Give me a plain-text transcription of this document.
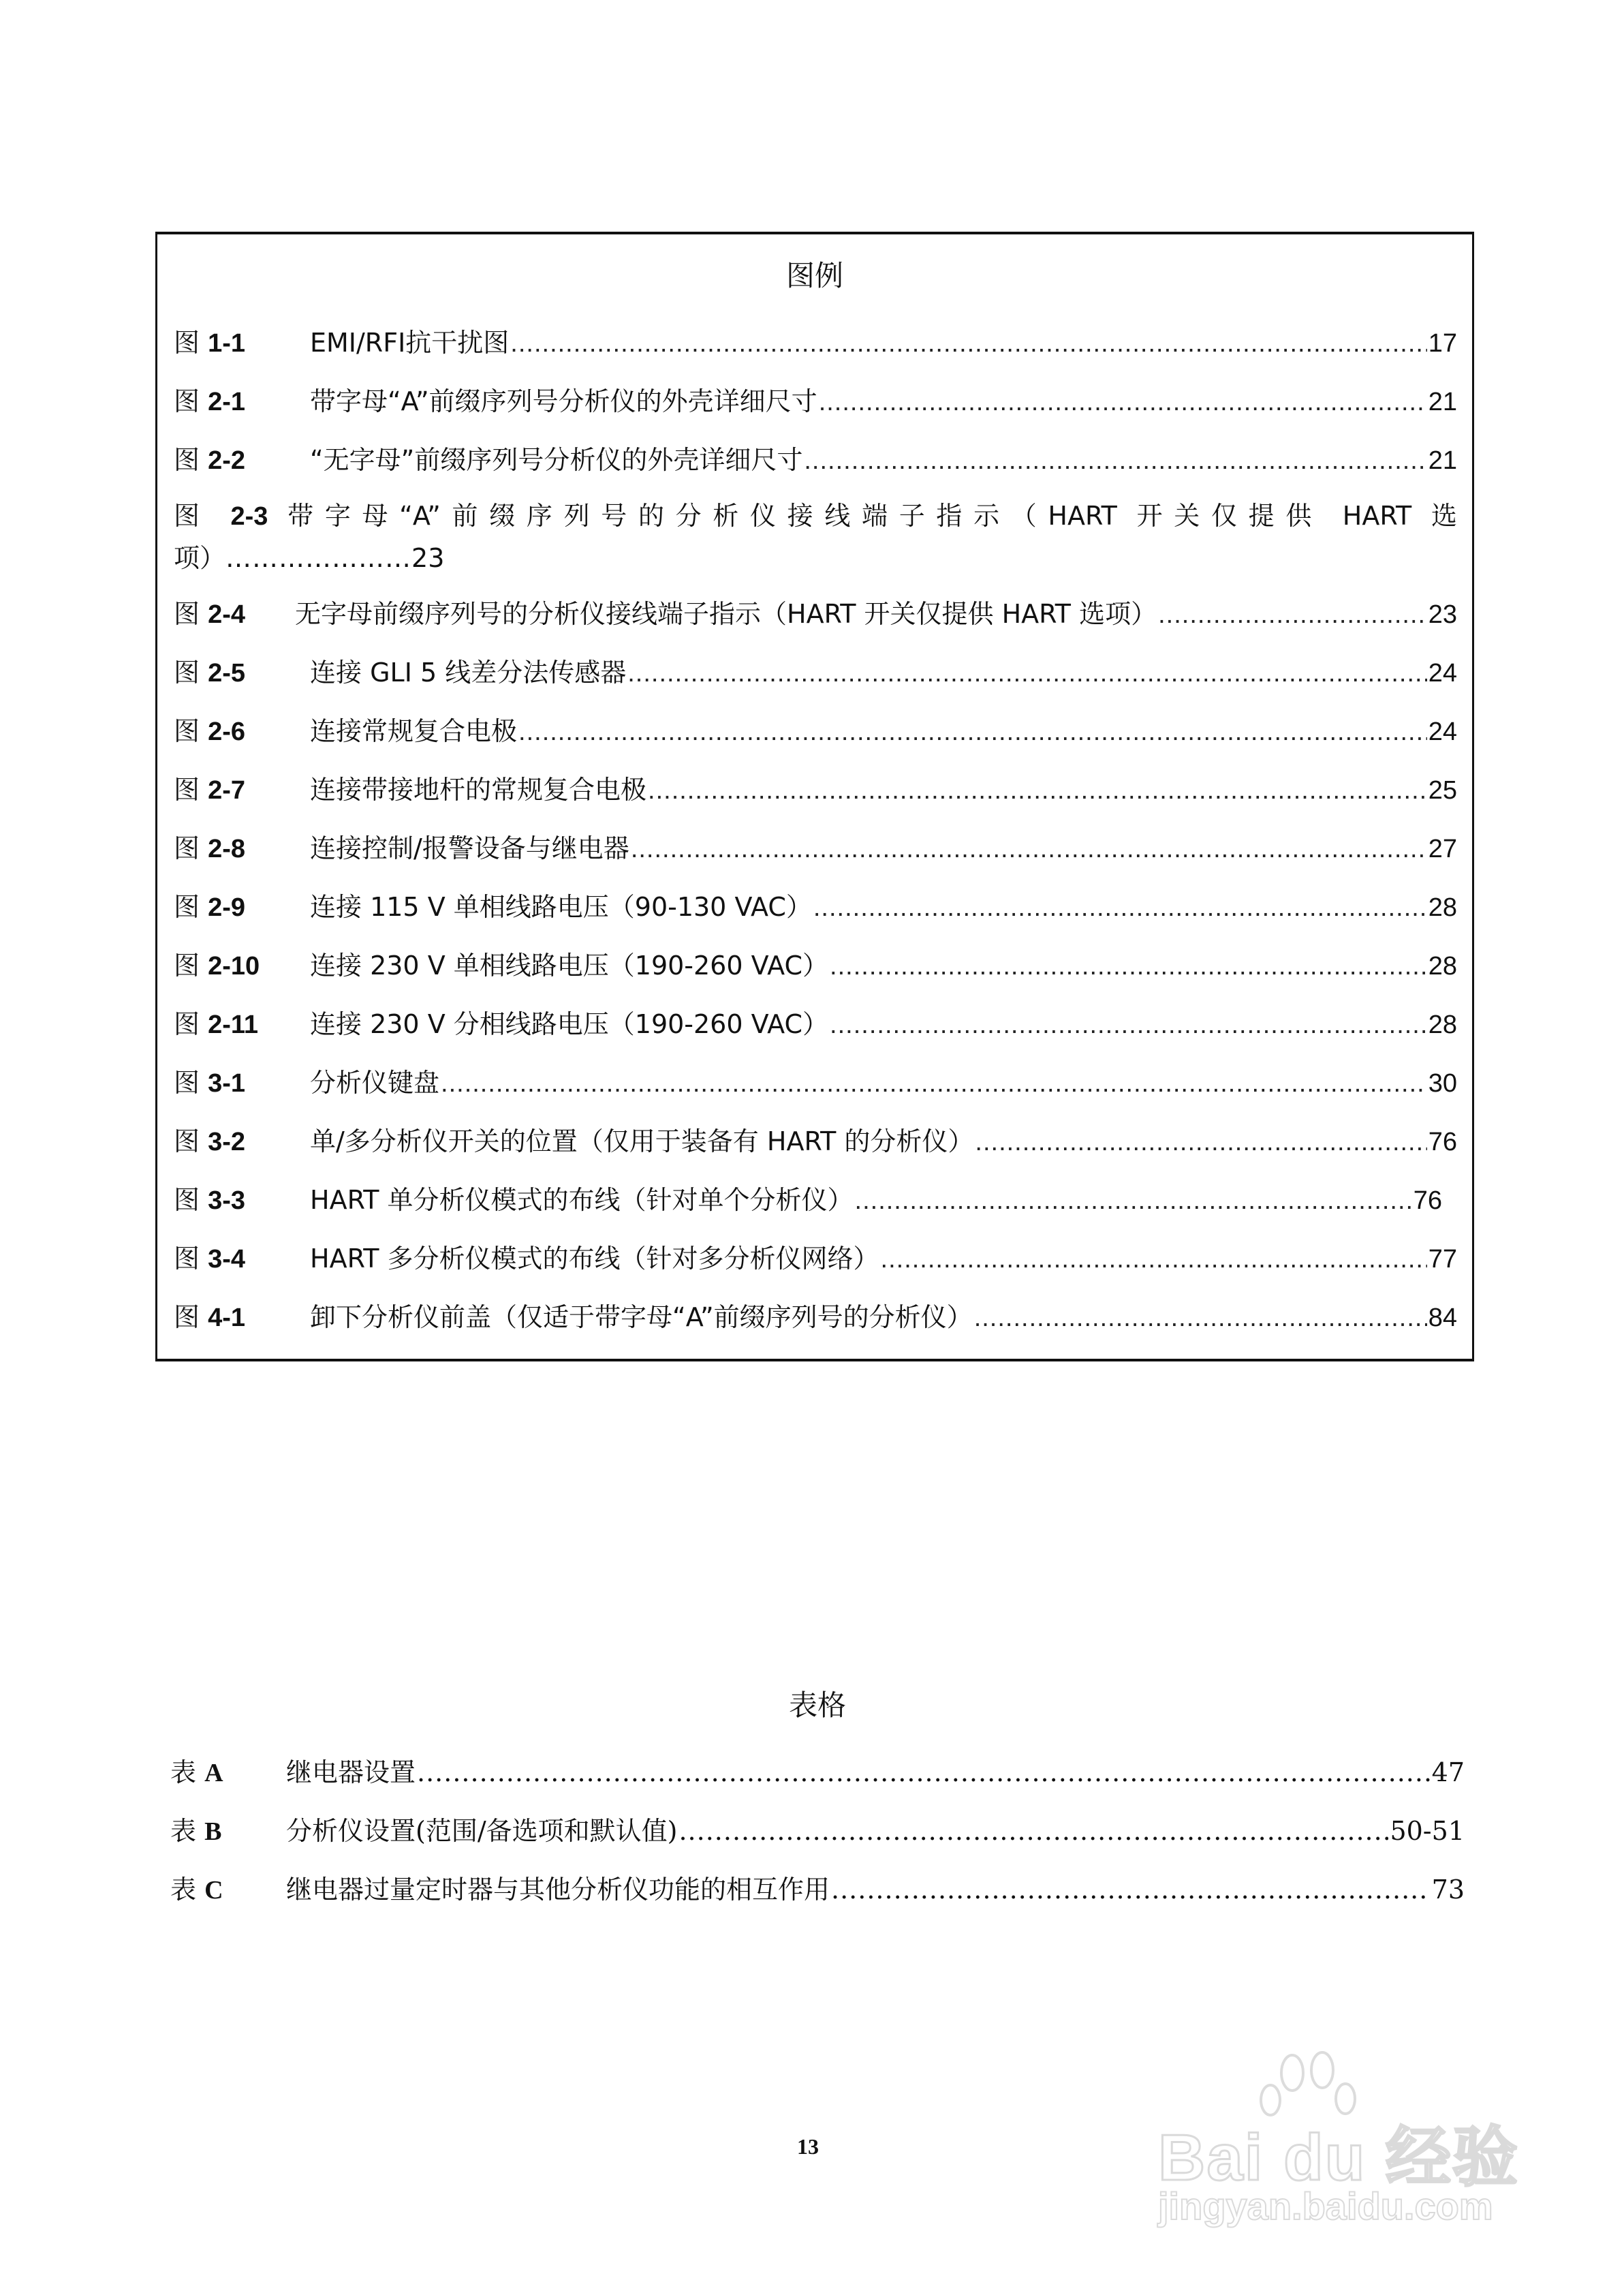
图例
图 1-1	EMI/RFI抗干扰图 .....	17
图 2-1	带字母“A”前缀序列号分析仪的外壳详细尺寸 .....	21
图 2-2	“无字母”前缀序列号分析仪的外壳详细尺寸 .....	21
图 2-3 带字母“A”前缀序列号的分析仪接线端子指示（HART 开关仅提供 HART 选
项） ………………… 23
图 2-4	无字母前缀序列号的分析仪接线端子指示（HART 开关仅提供 HART 选项） .....	23
图 2-5	连接 GLI 5 线差分法传感器 .....	24
图 2-6	连接常规复合电极 .....	24
图 2-7	连接带接地杆的常规复合电极 .....	25
图 2-8	连接控制/报警设备与继电器 .....	27
图 2-9	连接 115 V 单相线路电压（90-130 VAC） .....	28
图 2-10	连接 230 V 单相线路电压（190-260 VAC） .....	28
图 2-11	连接 230 V 分相线路电压（190-260 VAC） .....	28
图 3-1	分析仪键盘 .....	30
图 3-2	单/多分析仪开关的位置（仅用于装备有 HART 的分析仪） .....	76
图 3-3	HART 单分析仪模式的布线（针对单个分析仪） .....	76
图 3-4	HART 多分析仪模式的布线（针对多分析仪网络） .....	77
图 4-1	卸下分析仪前盖（仅适于带字母“A”前缀序列号的分析仪） .....	84
表格
表 A	继电器设置 .....	47
表 B	分析仪设置(范围/备选项和默认值) .....	50-51
表 C	继电器过量定时器与其他分析仪功能的相互作用 .....	73
13	Bai du 经验
jingyan.baidu.com
